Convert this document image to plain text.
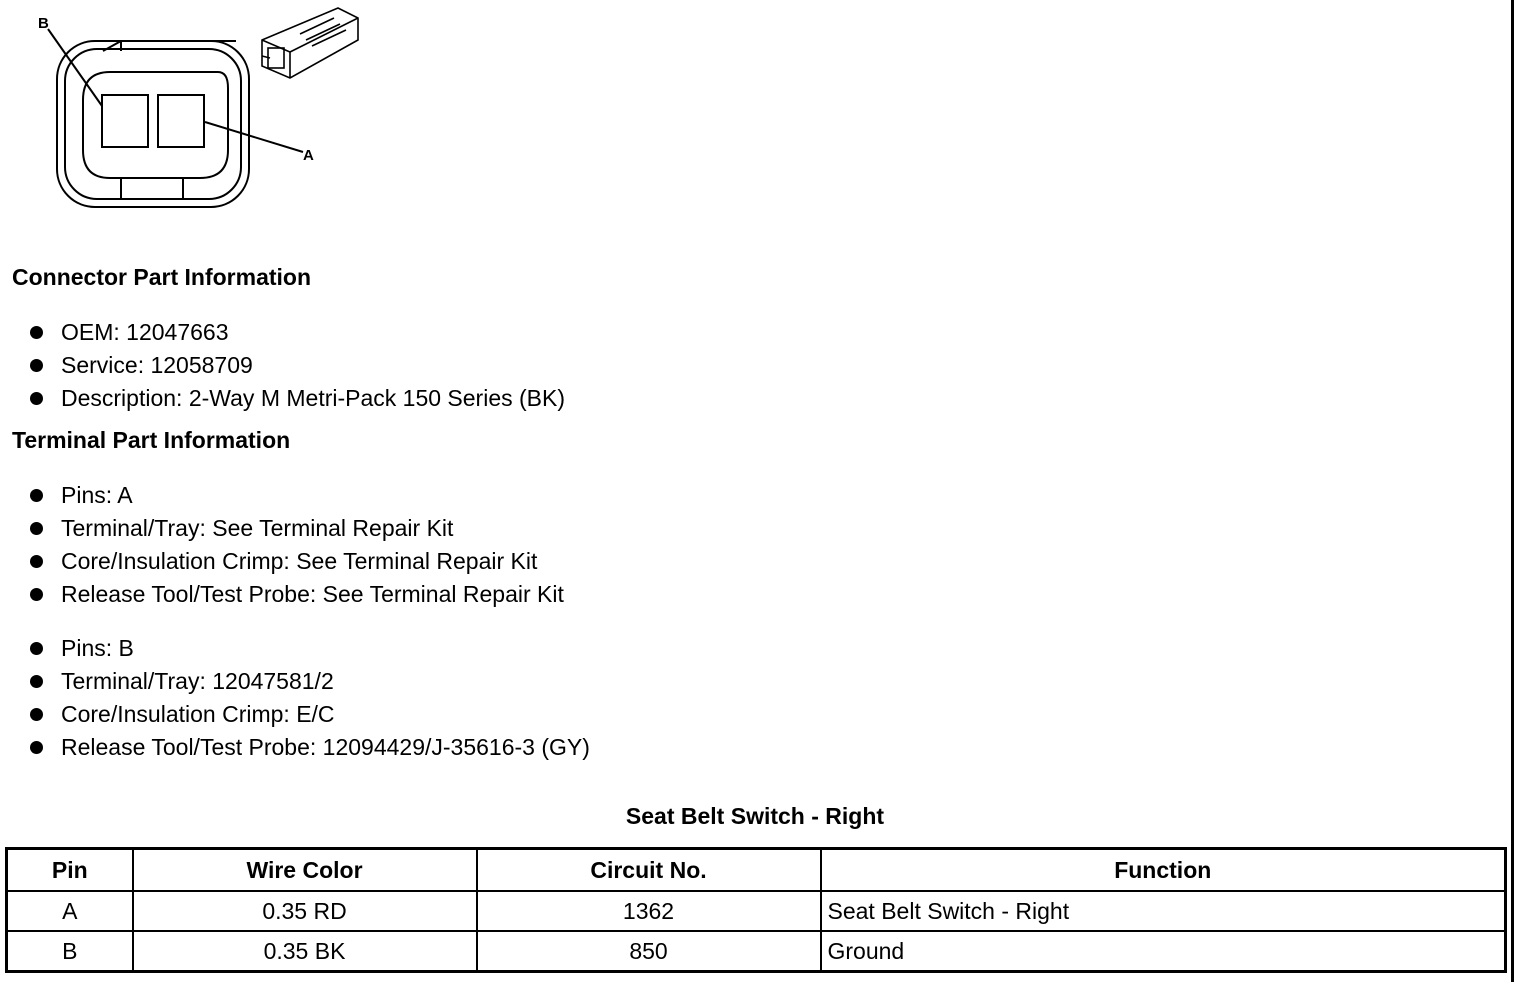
B
A
Connector Part Information
OEM: 12047663
Service: 12058709
Description: 2-Way M Metri-Pack 150 Series (BK)
Terminal Part Information
Pins: A
Terminal/Tray: See Terminal Repair Kit
Core/Insulation Crimp: See Terminal Repair Kit
Release Tool/Test Probe: See Terminal Repair Kit
Pins: B
Terminal/Tray: 12047581/2
Core/Insulation Crimp: E/C
Release Tool/Test Probe: 12094429/J-35616-3 (GY)
Seat Belt Switch - Right
Pin	Wire Color	Circuit No.	Function
A	0.35 RD	1362	Seat Belt Switch - Right
B	0.35 BK	850	Ground
